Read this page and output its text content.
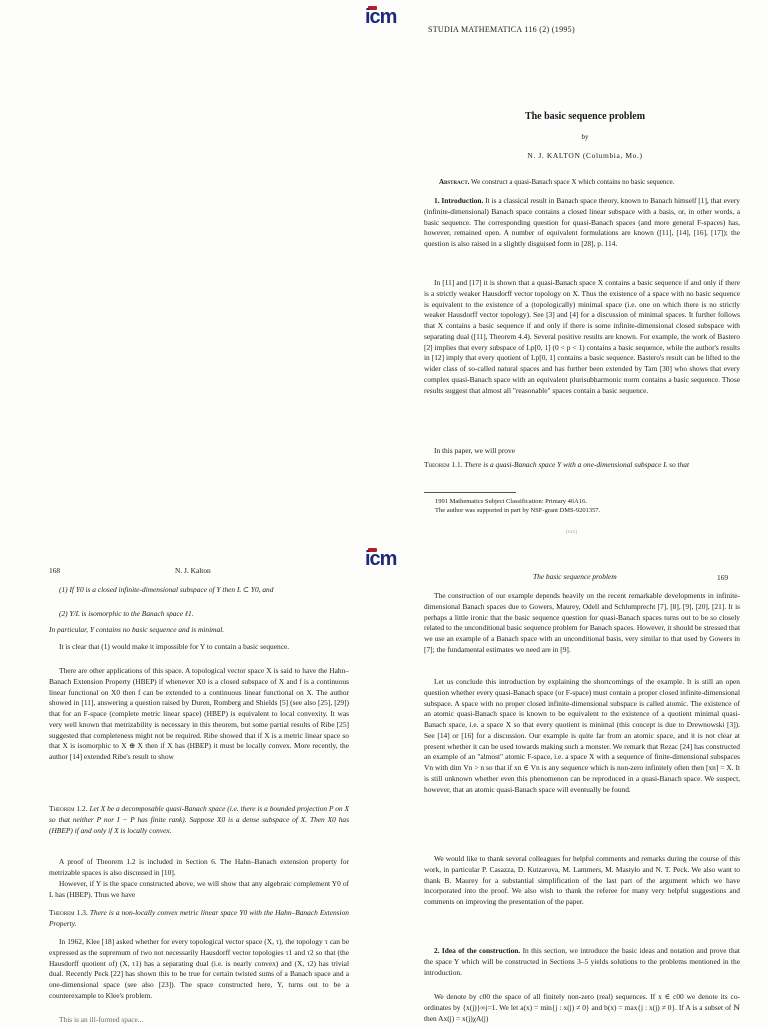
icm
STUDIA MATHEMATICA 116 (2) (1995)
The basic sequence problem
by
N. J. KALTON (Columbia, Mo.)
Abstract. We construct a quasi-Banach space X which contains no basic sequence.

1. Introduction. It is a classical result in Banach space theory, known to Banach himself [1], that every (infinite-dimensional) Banach space contains a closed linear subspace with a basis, or, in other words, a basic sequence. The corresponding question for quasi-Banach spaces (and more general F-spaces) has, however, remained open. A number of equivalent formulations are known ([11], [14], [16], [17]); the question is also raised in a slightly disguised form in [28], p. 114.

In [11] and [17] it is shown that a quasi-Banach space X contains a basic sequence if and only if there is a strictly weaker Hausdorff vector topology on X. Thus the existence of a space with no basic sequence is equivalent to the existence of a (topologically) minimal space (i.e. one on which there is no strictly weaker Hausdorff vector topology). See [3] and [4] for a discussion of minimal spaces. It further follows that X contains a basic sequence if and only if there is some infinite-dimensional closed subspace with separating dual ([11], Theorem 4.4). Several positive results are known. For example, the work of Bastero [2] implies that every subspace of Lp[0, 1] (0 < p < 1) contains a basic sequence, while the author's results in [12] imply that every quotient of Lp[0, 1] contains a basic sequence. Bastero's result can be lifted to the wider class of so-called natural spaces and has further been extended by Tam [30] who shows that every complex quasi-Banach space with an equivalent plurisubharmonic norm contains a basic sequence. Those results suggest that almost all "reasonable" spaces contain a basic sequence.

In this paper, we will prove

Theorem 1.1. There is a quasi-Banach space Y with a one-dimensional subspace L so that

1991 Mathematics Subject Classification: Primary 46A16.
The author was supported in part by NSF-grant DMS-9201357.
[xxx]
icm
168	N. J. Kalton

(1) If Y0 is a closed infinite-dimensional subspace of Y then L ⊂ Y0, and

(2) Y/L is isomorphic to the Banach space ℓ1.

In particular, Y contains no basic sequence and is minimal.

It is clear that (1) would make it impossible for Y to contain a basic sequence.

There are other applications of this space. A topological vector space X is said to have the Hahn–Banach Extension Property (HBEP) if whenever X0 is a closed subspace of X and f is a continuous linear functional on X0 then f can be extended to a continuous linear functional on X. The author showed in [11], answering a question raised by Duren, Romberg and Shields [5] (see also [25], [29]) that for an F-space (complete metric linear space) (HBEP) is equivalent to local convexity. It was very well known that metrizability is necessary in this theorem, but some partial results of Ribe [25] suggested that completeness might not be required. Ribe showed that if X is a metric linear space so that X is isomorphic to X ⊕ X then if X has (HBEP) it must be locally convex. More recently, the author [14] extended Ribe's result to show

Theorem 1.2. Let X be a decomposable quasi-Banach space (i.e. there is a bounded projection P on X so that neither P nor I − P has finite rank). Suppose X0 is a dense subspace of X. Then X0 has (HBEP) if and only if X is locally convex.

A proof of Theorem 1.2 is included in Section 6. The Hahn–Banach extension property for metrizable spaces is also discussed in [10].

However, if Y is the space constructed above, we will show that any algebraic complement Y0 of L has (HBEP). Thus we have

Theorem 1.3. There is a non-locally convex metric linear space Y0 with the Hahn–Banach Extension Property.

In 1962, Klee [18] asked whether for every topological vector space (X, τ), the topology τ can be expressed as the supremum of two not necessarily Hausdorff vector topologies τ1 and τ2 so that (the Hausdorff quotient of) (X, τ1) has a separating dual (i.e. is nearly convex) and (X, τ2) has trivial dual. Recently Peck [22] has shown this to be true for certain twisted sums of a Banach space and a one-dimensional space (see also [23]). The space constructed here, Y, turns out to be a counterexample to Klee's problem.

This is an ill-formed space...

The basic sequence problem	169

The construction of our example depends heavily on the recent remarkable developments in infinite-dimensional Banach spaces due to Gowers, Maurey, Odell and Schlumprecht [7], [8], [9], [20], [21]. It is perhaps a little ironic that the basic sequence question for quasi-Banach spaces turns out to be so closely related to the unconditional basic sequence problem for Banach spaces. However, it should be stressed that we use an example of a Banach space with an unconditional basis, very similar to that used by Gowers in [7]; the fundamental estimates we need are in [9].

Let us conclude this introduction by explaining the shortcomings of the example. It is still an open question whether every quasi-Banach space (or F-space) must contain a proper closed infinite-dimensional subspace. A space with no proper closed infinite-dimensional subspace is called atomic. The existence of an atomic quasi-Banach space is known to be equivalent to the existence of a quotient minimal quasi-Banach space, i.e. a space X so that every quotient is minimal (this concept is due to Drewnowski [3]). See [14] or [16] for a discussion. Our example is quite far from an atomic space, and it is not clear at present whether it can be used towards making such a monster. We remark that Rezac [24] has constructed an example of an "almost" atomic F-space, i.e. a space X with a sequence of finite-dimensional subspaces Vn with dim Vn > n so that if xn ∈ Vn is any sequence which is non-zero infinitely often then [xn] = X. It is still unknown whether even this phenomenon can be reproduced in a quasi-Banach space. We suspect, however, that an atomic quasi-Banach space will eventually be found.

We would like to thank several colleagues for helpful comments and remarks during the course of this work, in particular P. Casazza, D. Kutzarova, M. Lammers, M. Mastyło and N. T. Peck. We also want to thank B. Maurey for a substantial simplification of the last part of the argument which we have incorporated into the proof. We also wish to thank the referee for many very helpful suggestions and comments on improving the presentation of the paper.

2. Idea of the construction. In this section, we introduce the basic ideas and notation and prove that the space Y which will be constructed in Sections 3–5 yields solutions to the problems mentioned in the introduction.

We denote by c00 the space of all finitely non-zero (real) sequences. If x ∈ c00 we denote its co-ordinates by {x(j)}∞j=1. We let a(x) = min{j : x(j) ≠ 0} and b(x) = max{j : x(j) ≠ 0}. If A is a subset of ℕ then Ax(j) = x(j)χA(j)
